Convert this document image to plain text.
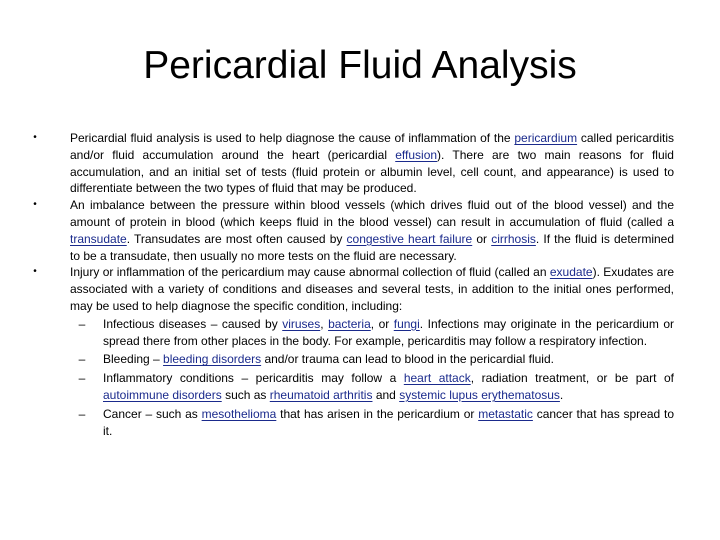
Pericardial Fluid Analysis
•	Pericardial fluid analysis is used to help diagnose the cause of inflammation of the pericardium called pericarditis and/or fluid accumulation around the heart (pericardial effusion). There are two main reasons for fluid accumulation, and an initial set of tests (fluid protein or albumin level, cell count, and appearance) is used to differentiate between the two types of fluid that may be produced.
•	An imbalance between the pressure within blood vessels (which drives fluid out of the blood vessel) and the amount of protein in blood (which keeps fluid in the blood vessel) can result in accumulation of fluid (called a transudate. Transudates are most often caused by congestive heart failure or cirrhosis. If the fluid is determined to be a transudate, then usually no more tests on the fluid are necessary.
•	Injury or inflammation of the pericardium may cause abnormal collection of fluid (called an exudate). Exudates are associated with a variety of conditions and diseases and several tests, in addition to the initial ones performed, may be used to help diagnose the specific condition, including:
–	Infectious diseases – caused by viruses, bacteria, or fungi. Infections may originate in the pericardium or spread there from other places in the body. For example, pericarditis may follow a respiratory infection.
–	Bleeding – bleeding disorders and/or trauma can lead to blood in the pericardial fluid.
–	Inflammatory conditions – pericarditis may follow a heart attack, radiation treatment, or be part of autoimmune disorders such as rheumatoid arthritis and systemic lupus erythematosus.
–	Cancer – such as mesothelioma that has arisen in the pericardium or metastatic cancer that has spread to it.
